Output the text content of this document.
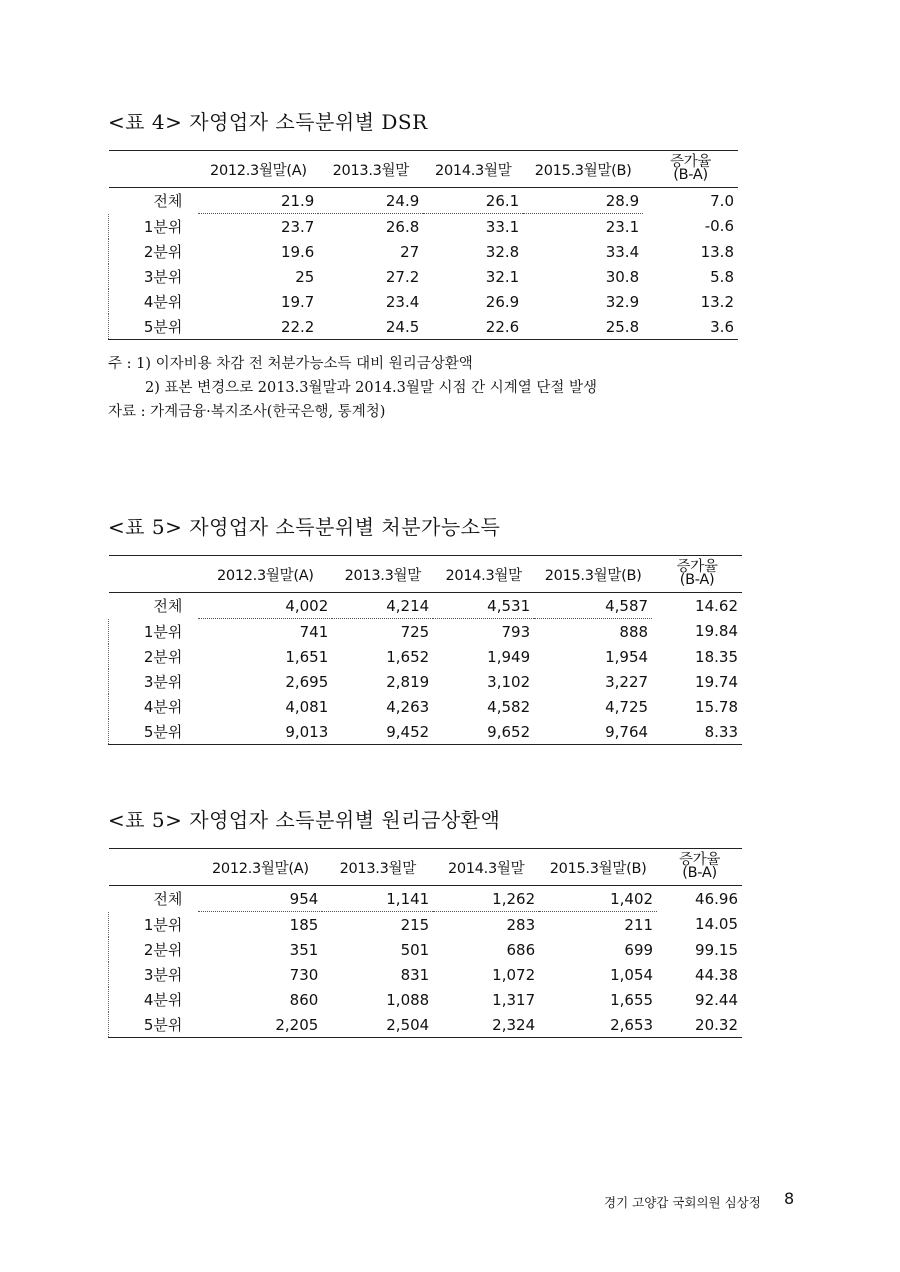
<표 4> 자영업자 소득분위별 DSR
	2012.3월말(A)	2013.3월말	2014.3월말	2015.3월말(B)	증가율
(B-A)

전체	21.9	24.9	26.1	28.9	7.0
1분위	23.7	26.8	33.1	23.1	-0.6
2분위	19.6	27	32.8	33.4	13.8
3분위	25	27.2	32.1	30.8	5.8
4분위	19.7	23.4	26.9	32.9	13.2
5분위	22.2	24.5	22.6	25.8	3.6
주 : 1) 이자비용 차감 전 처분가능소득 대비 원리금상환액
2) 표본 변경으로 2013.3월말과 2014.3월말 시점 간 시계열 단절 발생
자료 : 가계금융·복지조사(한국은행, 통계청)
<표 5> 자영업자 소득분위별 처분가능소득
	2012.3월말(A)	2013.3월말	2014.3월말	2015.3월말(B)	증가율
(B-A)

전체	4,002	4,214	4,531	4,587	14.62
1분위	741	725	793	888	19.84
2분위	1,651	1,652	1,949	1,954	18.35
3분위	2,695	2,819	3,102	3,227	19.74
4분위	4,081	4,263	4,582	4,725	15.78
5분위	9,013	9,452	9,652	9,764	8.33
<표 5> 자영업자 소득분위별 원리금상환액
	2012.3월말(A)	2013.3월말	2014.3월말	2015.3월말(B)	증가율
(B-A)

전체	954	1,141	1,262	1,402	46.96
1분위	185	215	283	211	14.05
2분위	351	501	686	699	99.15
3분위	730	831	1,072	1,054	44.38
4분위	860	1,088	1,317	1,655	92.44
5분위	2,205	2,504	2,324	2,653	20.32
경기 고양갑 국회의원 심상정 8
